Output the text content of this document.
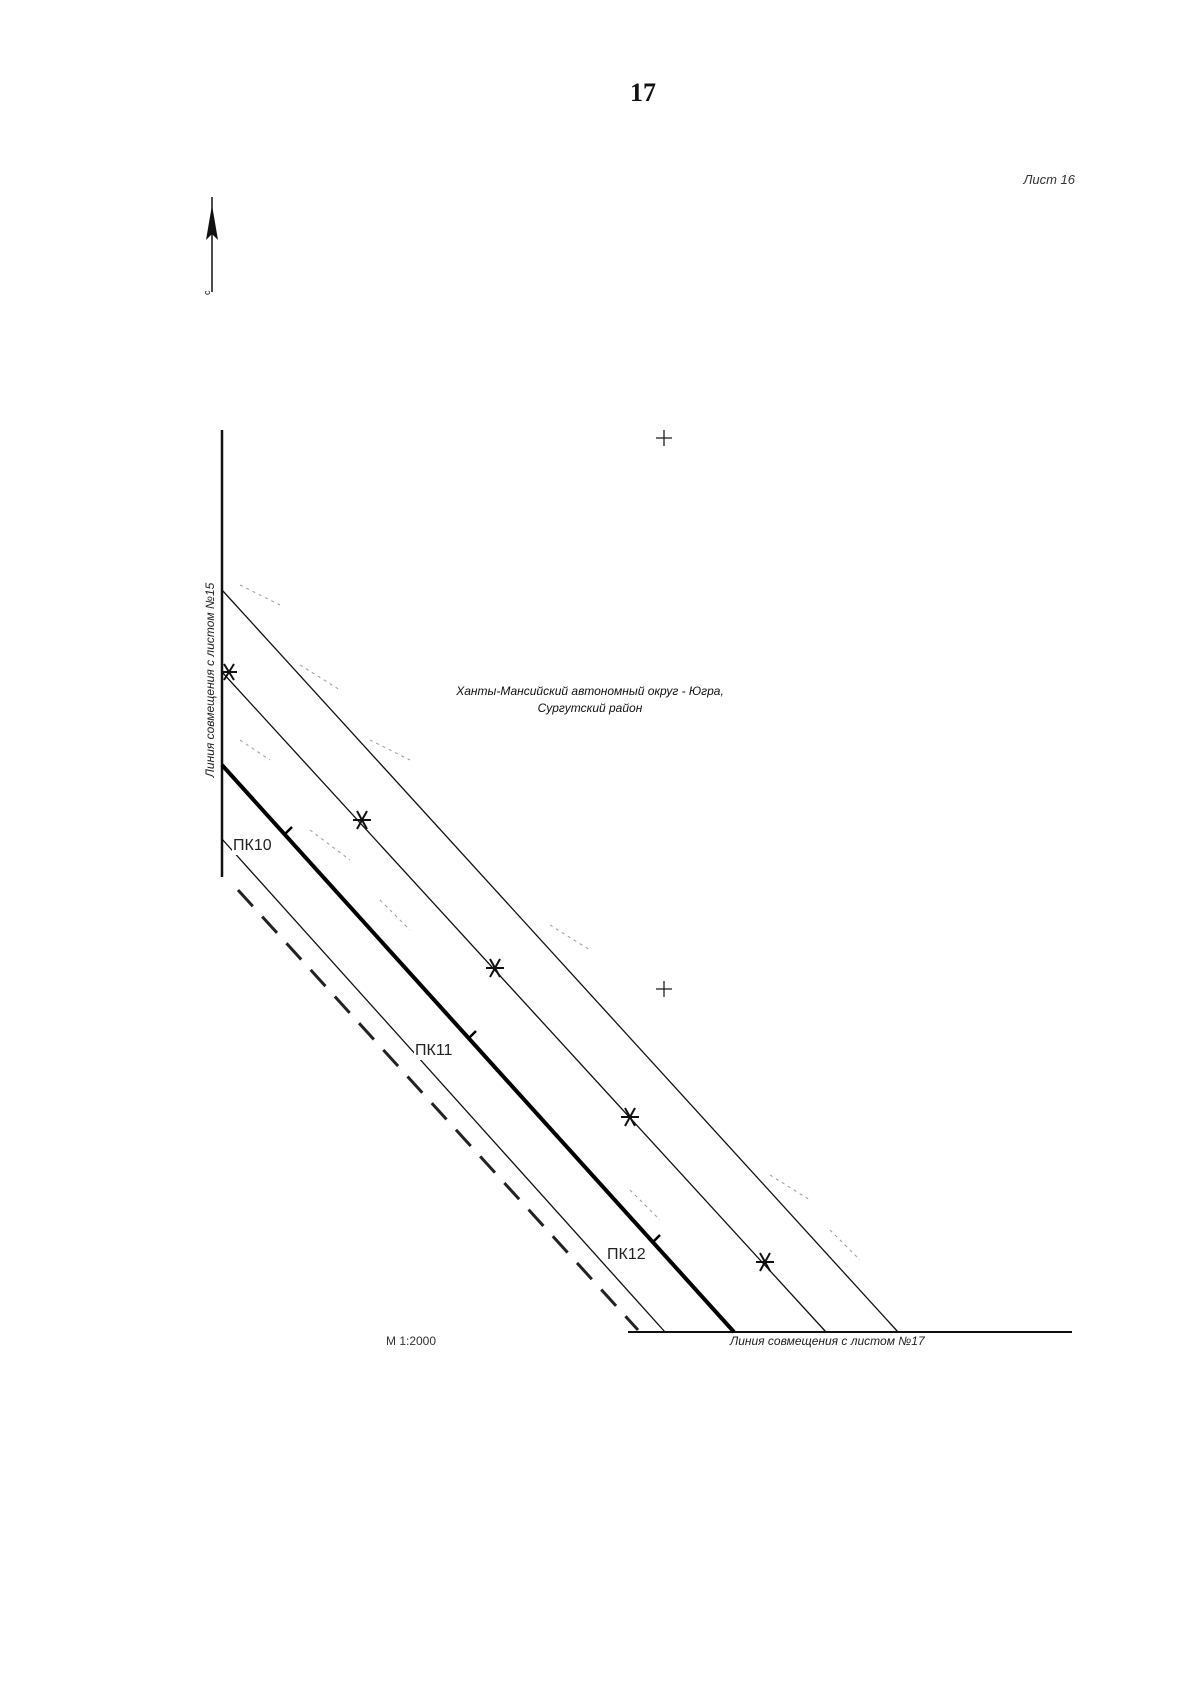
17
Лист 16
с
Линия совмещения с листом №15	Ханты-Мансийский автономный округ - Югра,
Сургутский район
ПК10
ПК11
ПК12
М 1:2000	Линия совмещения с листом №17
